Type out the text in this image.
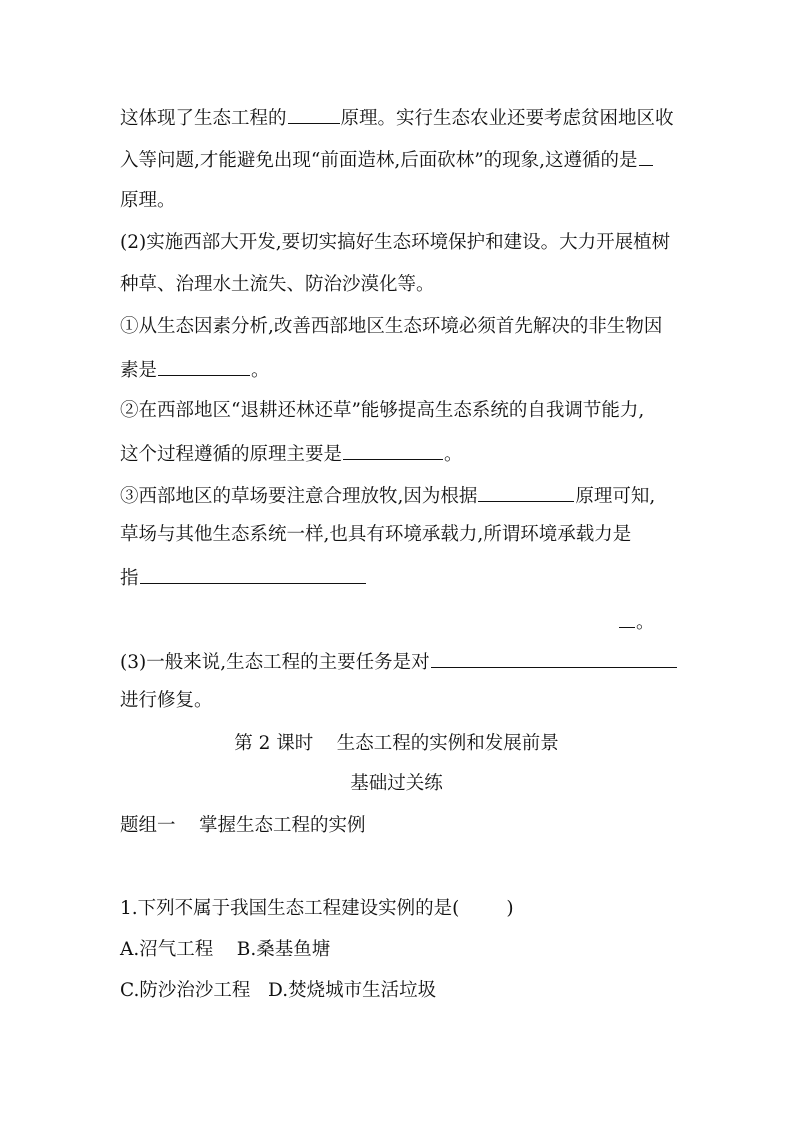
这体现了生态工程的	原理。实行生态农业还要考虑贫困地区收
入等问题,才能避免出现“前面造林,后面砍林”的现象,这遵循的是
原理。
(2)实施西部大开发,要切实搞好生态环境保护和建设。大力开展植树
种草、治理水土流失、防治沙漠化等。
①从生态因素分析,改善西部地区生态环境必须首先解决的非生物因
素是	。
②在西部地区“退耕还林还草”能够提高生态系统的自我调节能力,
这个过程遵循的原理主要是	。
③西部地区的草场要注意合理放牧,因为根据	原理可知,
草场与其他生态系统一样,也具有环境承载力,所谓环境承载力是
指
。
(3)一般来说,生态工程的主要任务是对
进行修复。
第 2 课时    生态工程的实例和发展前景
基础过关练
题组一    掌握生态工程的实例
1.下列不属于我国生态工程建设实例的是(        )
A.沼气工程    B.桑基鱼塘
C.防沙治沙工程   D.焚烧城市生活垃圾
